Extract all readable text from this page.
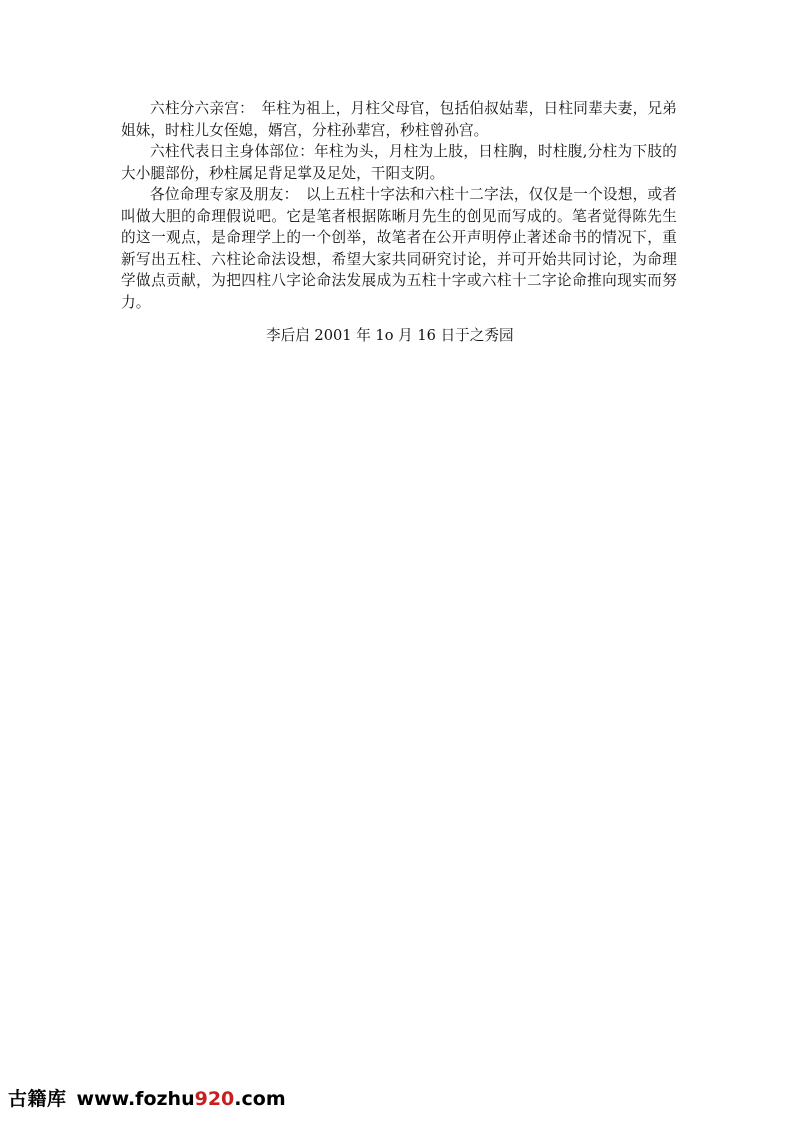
六柱分六亲宫：　年柱为祖上，月柱父母官，包括伯叔姑辈，日柱同辈夫妻，兄弟姐妹，时柱儿女侄媳，婿宫，分柱孙辈宫，秒柱曾孙宫。

六柱代表日主身体部位：年柱为头，月柱为上肢，日柱胸，时柱腹,分柱为下肢的大小腿部份，秒柱属足背足掌及足处，干阳支阴。

各位命理专家及朋友：　以上五柱十字法和六柱十二字法，仅仅是一个设想，或者叫做大胆的命理假说吧。它是笔者根据陈晰月先生的创见而写成的。笔者觉得陈先生的这一观点，是命理学上的一个创举，故笔者在公开声明停止著述命书的情况下，重新写出五柱、六柱论命法设想，希望大家共同研究讨论，并可开始共同讨论，为命理学做点贡献，为把四柱八字论命法发展成为五柱十字或六柱十二字论命推向现实而努力。

李后启 2001 年 1o 月 16 日于之秀园
古籍库 www.fozhu920.com
